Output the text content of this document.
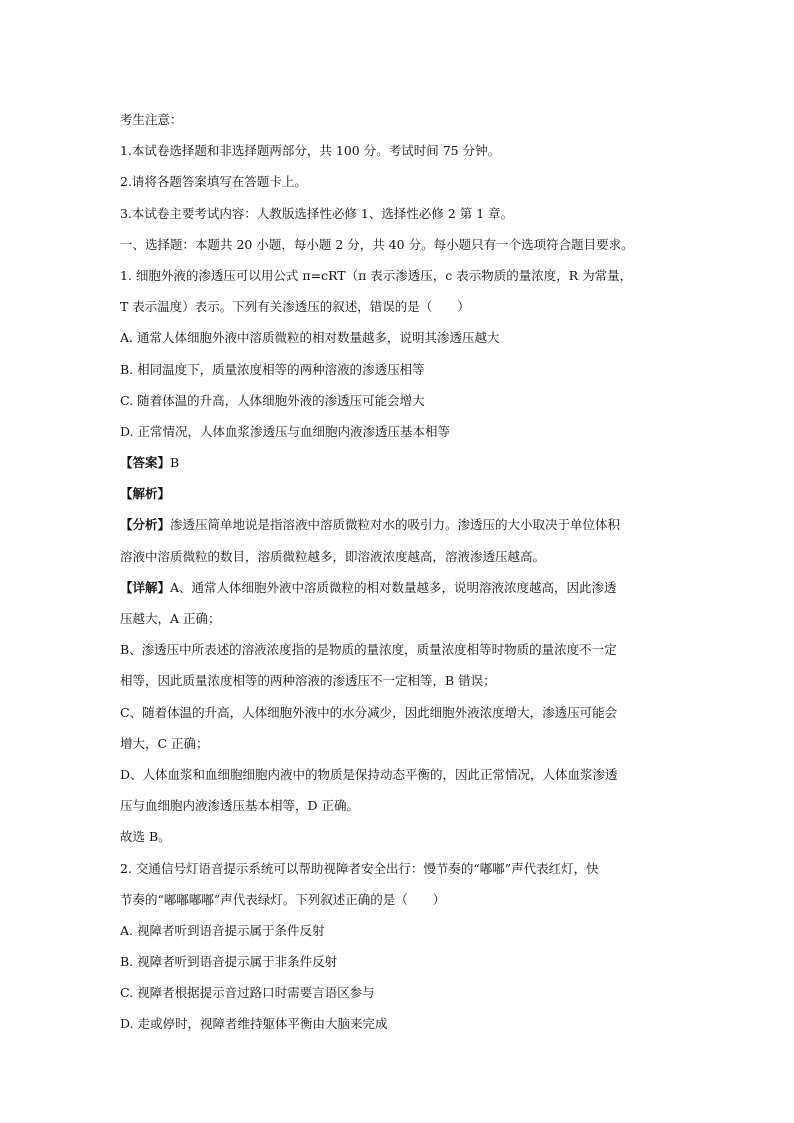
考生注意：
1.本试卷选择题和非选择题两部分，共 100 分。考试时间 75 分钟。
2.请将各题答案填写在答题卡上。
3.本试卷主要考试内容：人教版选择性必修 1、选择性必修 2 第 1 章。
一、选择题：本题共 20 小题，每小题 2 分，共 40 分。每小题只有一个选项符合题目要求。
1. 细胞外液的渗透压可以用公式 π=cRT（π 表示渗透压，c 表示物质的量浓度，R 为常量，
T 表示温度）表示。下列有关渗透压的叙述，错误的是（　　）
A. 通常人体细胞外液中溶质微粒的相对数量越多，说明其渗透压越大
B. 相同温度下，质量浓度相等的两种溶液的渗透压相等
C. 随着体温的升高，人体细胞外液的渗透压可能会增大
D. 正常情况，人体血浆渗透压与血细胞内液渗透压基本相等
【答案】B
【解析】
【分析】渗透压简单地说是指溶液中溶质微粒对水的吸引力。渗透压的大小取决于单位体积
溶液中溶质微粒的数目，溶质微粒越多，即溶液浓度越高，溶液渗透压越高。
【详解】A、通常人体细胞外液中溶质微粒的相对数量越多，说明溶液浓度越高，因此渗透
压越大，A 正确；
B、渗透压中所表述的溶液浓度指的是物质的量浓度，质量浓度相等时物质的量浓度不一定
相等，因此质量浓度相等的两种溶液的渗透压不一定相等，B 错误；
C、随着体温的升高，人体细胞外液中的水分减少，因此细胞外液浓度增大，渗透压可能会
增大，C 正确；
D、人体血浆和血细胞细胞内液中的物质是保持动态平衡的，因此正常情况，人体血浆渗透
压与血细胞内液渗透压基本相等，D 正确。
故选 B。
2. 交通信号灯语音提示系统可以帮助视障者安全出行：慢节奏的“嘟嘟”声代表红灯，快
节奏的“嘟嘟嘟嘟”声代表绿灯。下列叙述正确的是（　　）
A. 视障者听到语音提示属于条件反射
B. 视障者听到语音提示属于非条件反射
C. 视障者根据提示音过路口时需要言语区参与
D. 走或停时，视障者维持躯体平衡由大脑来完成
